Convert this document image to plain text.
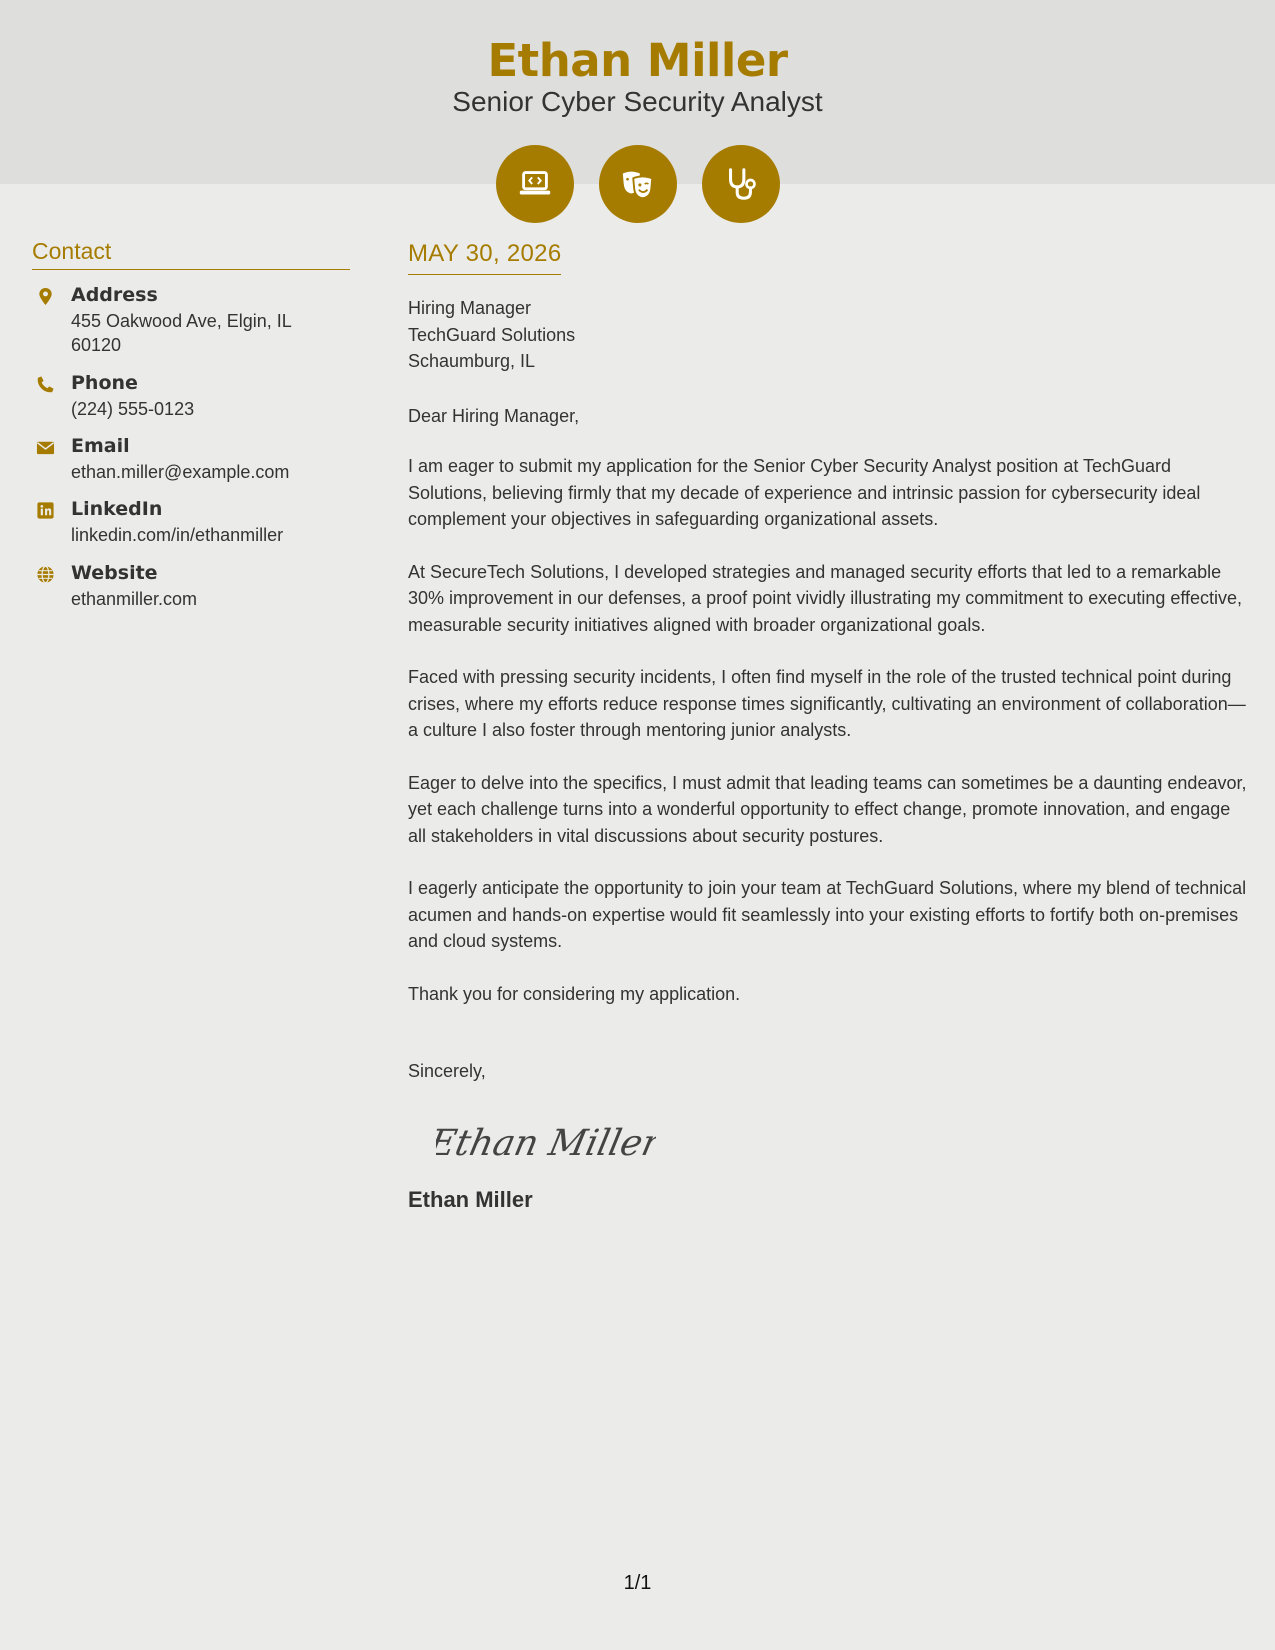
Ethan Miller
Senior Cyber Security Analyst
Contact
Address
455 Oakwood Ave, Elgin, IL 60120
Phone
(224) 555-0123
Email
ethan.miller@example.com
LinkedIn
linkedin.com/in/ethanmiller
Website
ethanmiller.com
MAY 30, 2026
Hiring Manager
TechGuard Solutions
Schaumburg, IL
Dear Hiring Manager,
I am eager to submit my application for the Senior Cyber Security Analyst position at TechGuard Solutions, believing firmly that my decade of experience and intrinsic passion for cybersecurity ideal complement your objectives in safeguarding organizational assets.
At SecureTech Solutions, I developed strategies and managed security efforts that led to a remarkable 30% improvement in our defenses, a proof point vividly illustrating my commitment to executing effective, measurable security initiatives aligned with broader organizational goals.
Faced with pressing security incidents, I often find myself in the role of the trusted technical point during crises, where my efforts reduce response times significantly, cultivating an environment of collaboration—a culture I also foster through mentoring junior analysts.
Eager to delve into the specifics, I must admit that leading teams can sometimes be a daunting endeavor, yet each challenge turns into a wonderful opportunity to effect change, promote innovation, and engage all stakeholders in vital discussions about security postures.
I eagerly anticipate the opportunity to join your team at TechGuard Solutions, where my blend of technical acumen and hands-on expertise would fit seamlessly into your existing efforts to fortify both on-premises and cloud systems.
Thank you for considering my application.
Sincerely,
Ethan Miller
Ethan Miller
1/1
